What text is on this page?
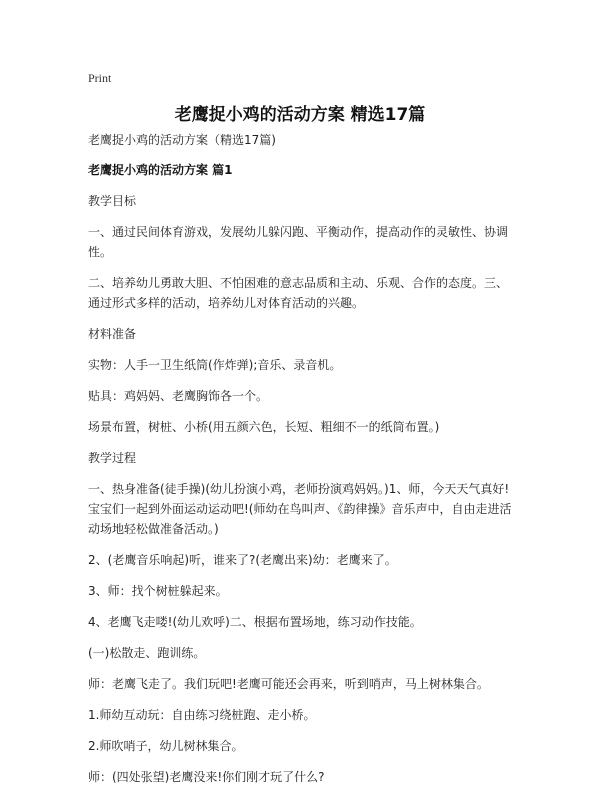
Print
老鹰捉小鸡的活动方案 精选17篇

老鹰捉小鸡的活动方案（精选17篇)

老鹰捉小鸡的活动方案 篇1

教学目标

一、通过民间体育游戏，发展幼儿躲闪跑、平衡动作，提高动作的灵敏性、协调性。

二、培养幼儿勇敢大胆、不怕困难的意志品质和主动、乐观、合作的态度。三、通过形式多样的活动，培养幼儿对体育活动的兴趣。

材料准备

实物：人手一卫生纸筒(作炸弹);音乐、录音机。

贴具：鸡妈妈、老鹰胸饰各一个。

场景布置，树桩、小桥(用五颜六色，长短、粗细不一的纸筒布置。)

教学过程

一、热身准备(徒手操)(幼儿扮演小鸡，老师扮演鸡妈妈。)1、师，今天天气真好!宝宝们一起到外面运动运动吧!(师幼在鸟叫声、《韵律操》音乐声中，自由走进活动场地轻松做准备活动。)

2、(老鹰音乐响起)听，谁来了?(老鹰出来)幼：老鹰来了。

3、师：找个树桩躲起来。

4、老鹰飞走喽!(幼儿欢呼)二、根据布置场地，练习动作技能。

(一)松散走、跑训练。

师：老鹰飞走了。我们玩吧!老鹰可能还会再来，听到哨声，马上树林集合。

1.师幼互动玩：自由练习绕桩跑、走小桥。

2.师吹哨子，幼儿树林集合。

师：(四处张望)老鹰没来!你们刚才玩了什么?
